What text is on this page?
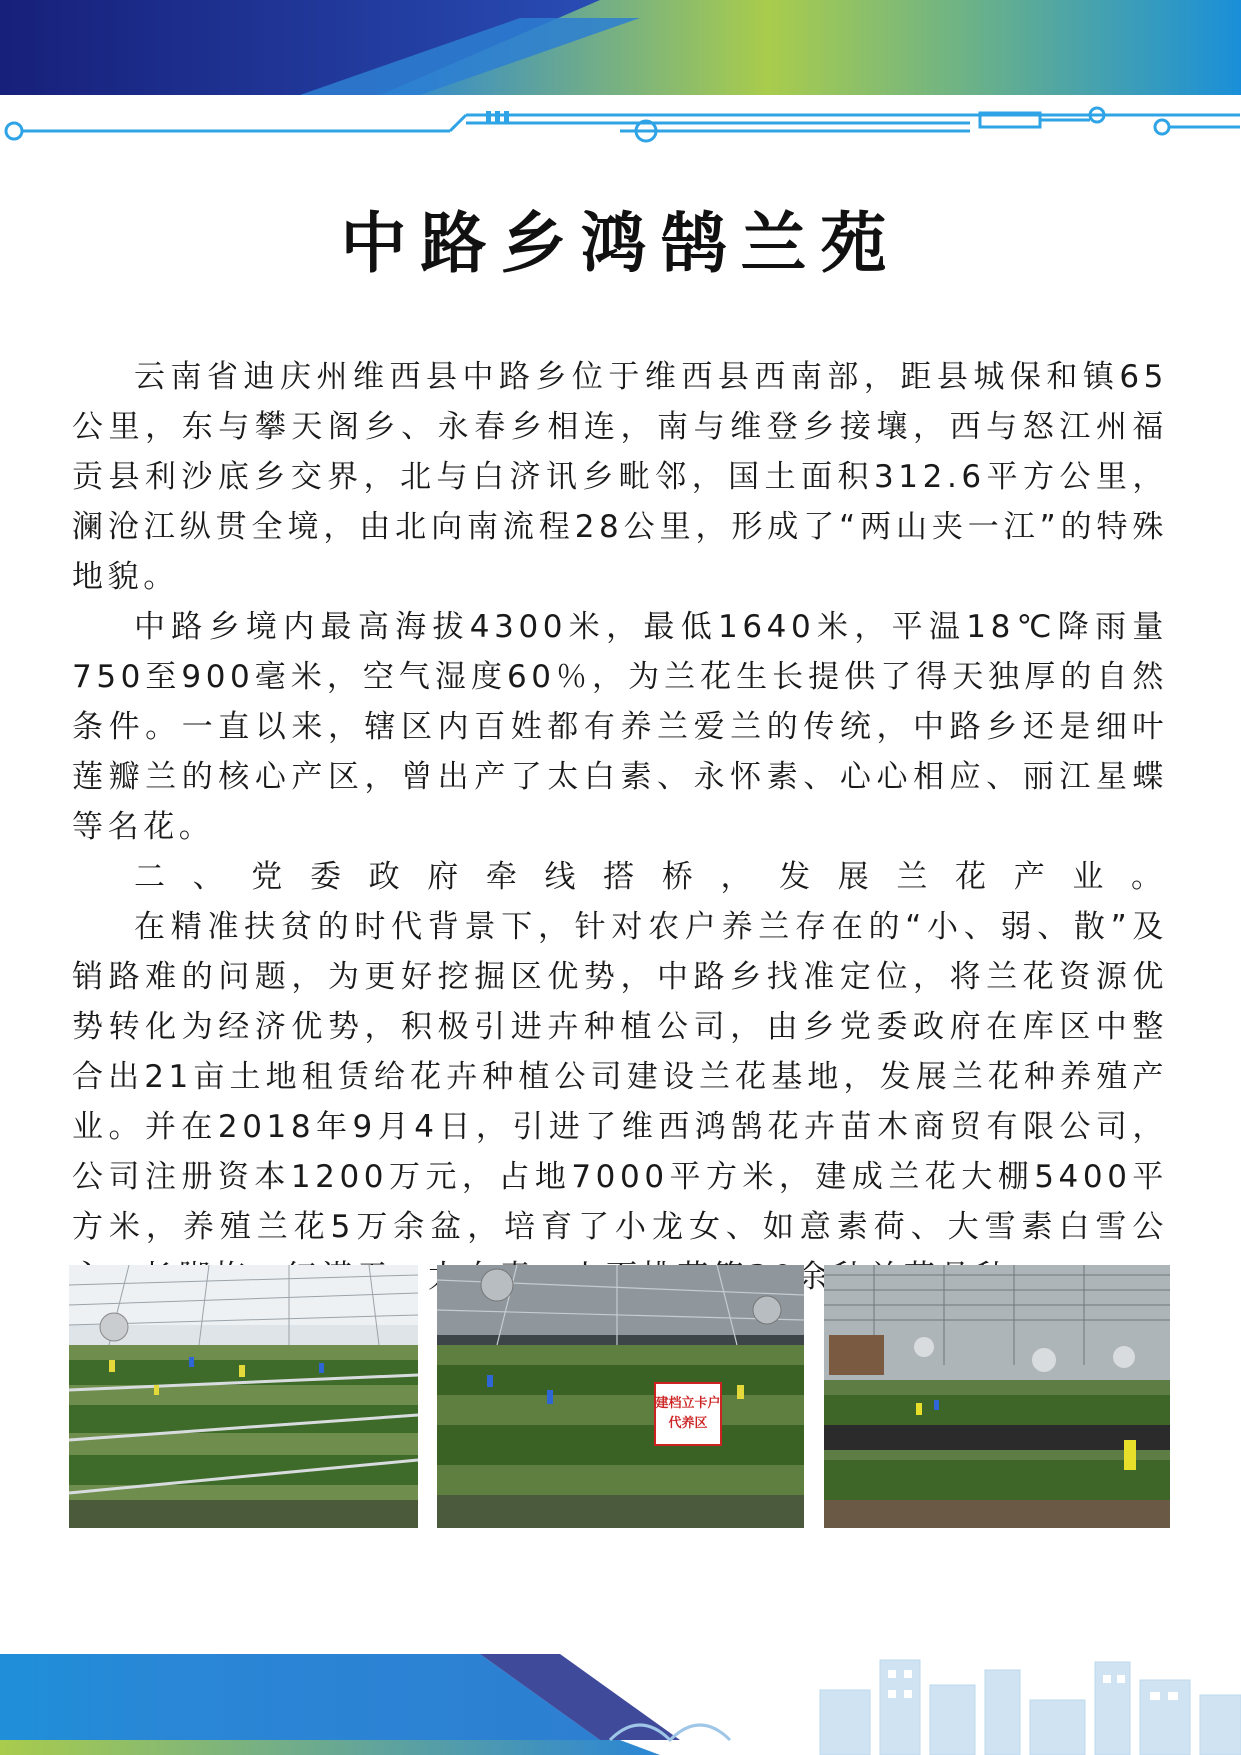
中路乡鸿鹄兰苑

云南省迪庆州维西县中路乡位于维西县西南部，距县城保和镇65公里，东与攀天阁乡、永春乡相连，南与维登乡接壤，西与怒江州福贡县利沙底乡交界，北与白济讯乡毗邻，国土面积312.6平方公里，澜沧江纵贯全境，由北向南流程28公里，形成了“两山夹一江”的特殊地貌。

中路乡境内最高海拔4300米，最低1640米，平温18℃降雨量750至900毫米，空气湿度60％，为兰花生长提供了得天独厚的自然条件。一直以来，辖区内百姓都有养兰爱兰的传统，中路乡还是细叶莲瓣兰的核心产区，曾出产了太白素、永怀素、心心相应、丽江星蝶等名花。

二、党委政府牵线搭桥，发展兰花产业。

在精准扶贫的时代背景下，针对农户养兰存在的“小、弱、散”及销路难的问题，为更好挖掘区优势，中路乡找准定位，将兰花资源优势转化为经济优势，积极引进卉种植公司，由乡党委政府在库区中整合出21亩土地租赁给花卉种植公司建设兰花基地，发展兰花种养殖产业。并在2018年9月4日，引进了维西鸿鹄花卉苗木商贸有限公司，公司注册资本1200万元，占地7000平方米，建成兰花大棚5400平方米，养殖兰花5万余盆，培育了小龙女、如意素荷、大雪素白雪公 天、太白 余

建档立卡户
代养区
